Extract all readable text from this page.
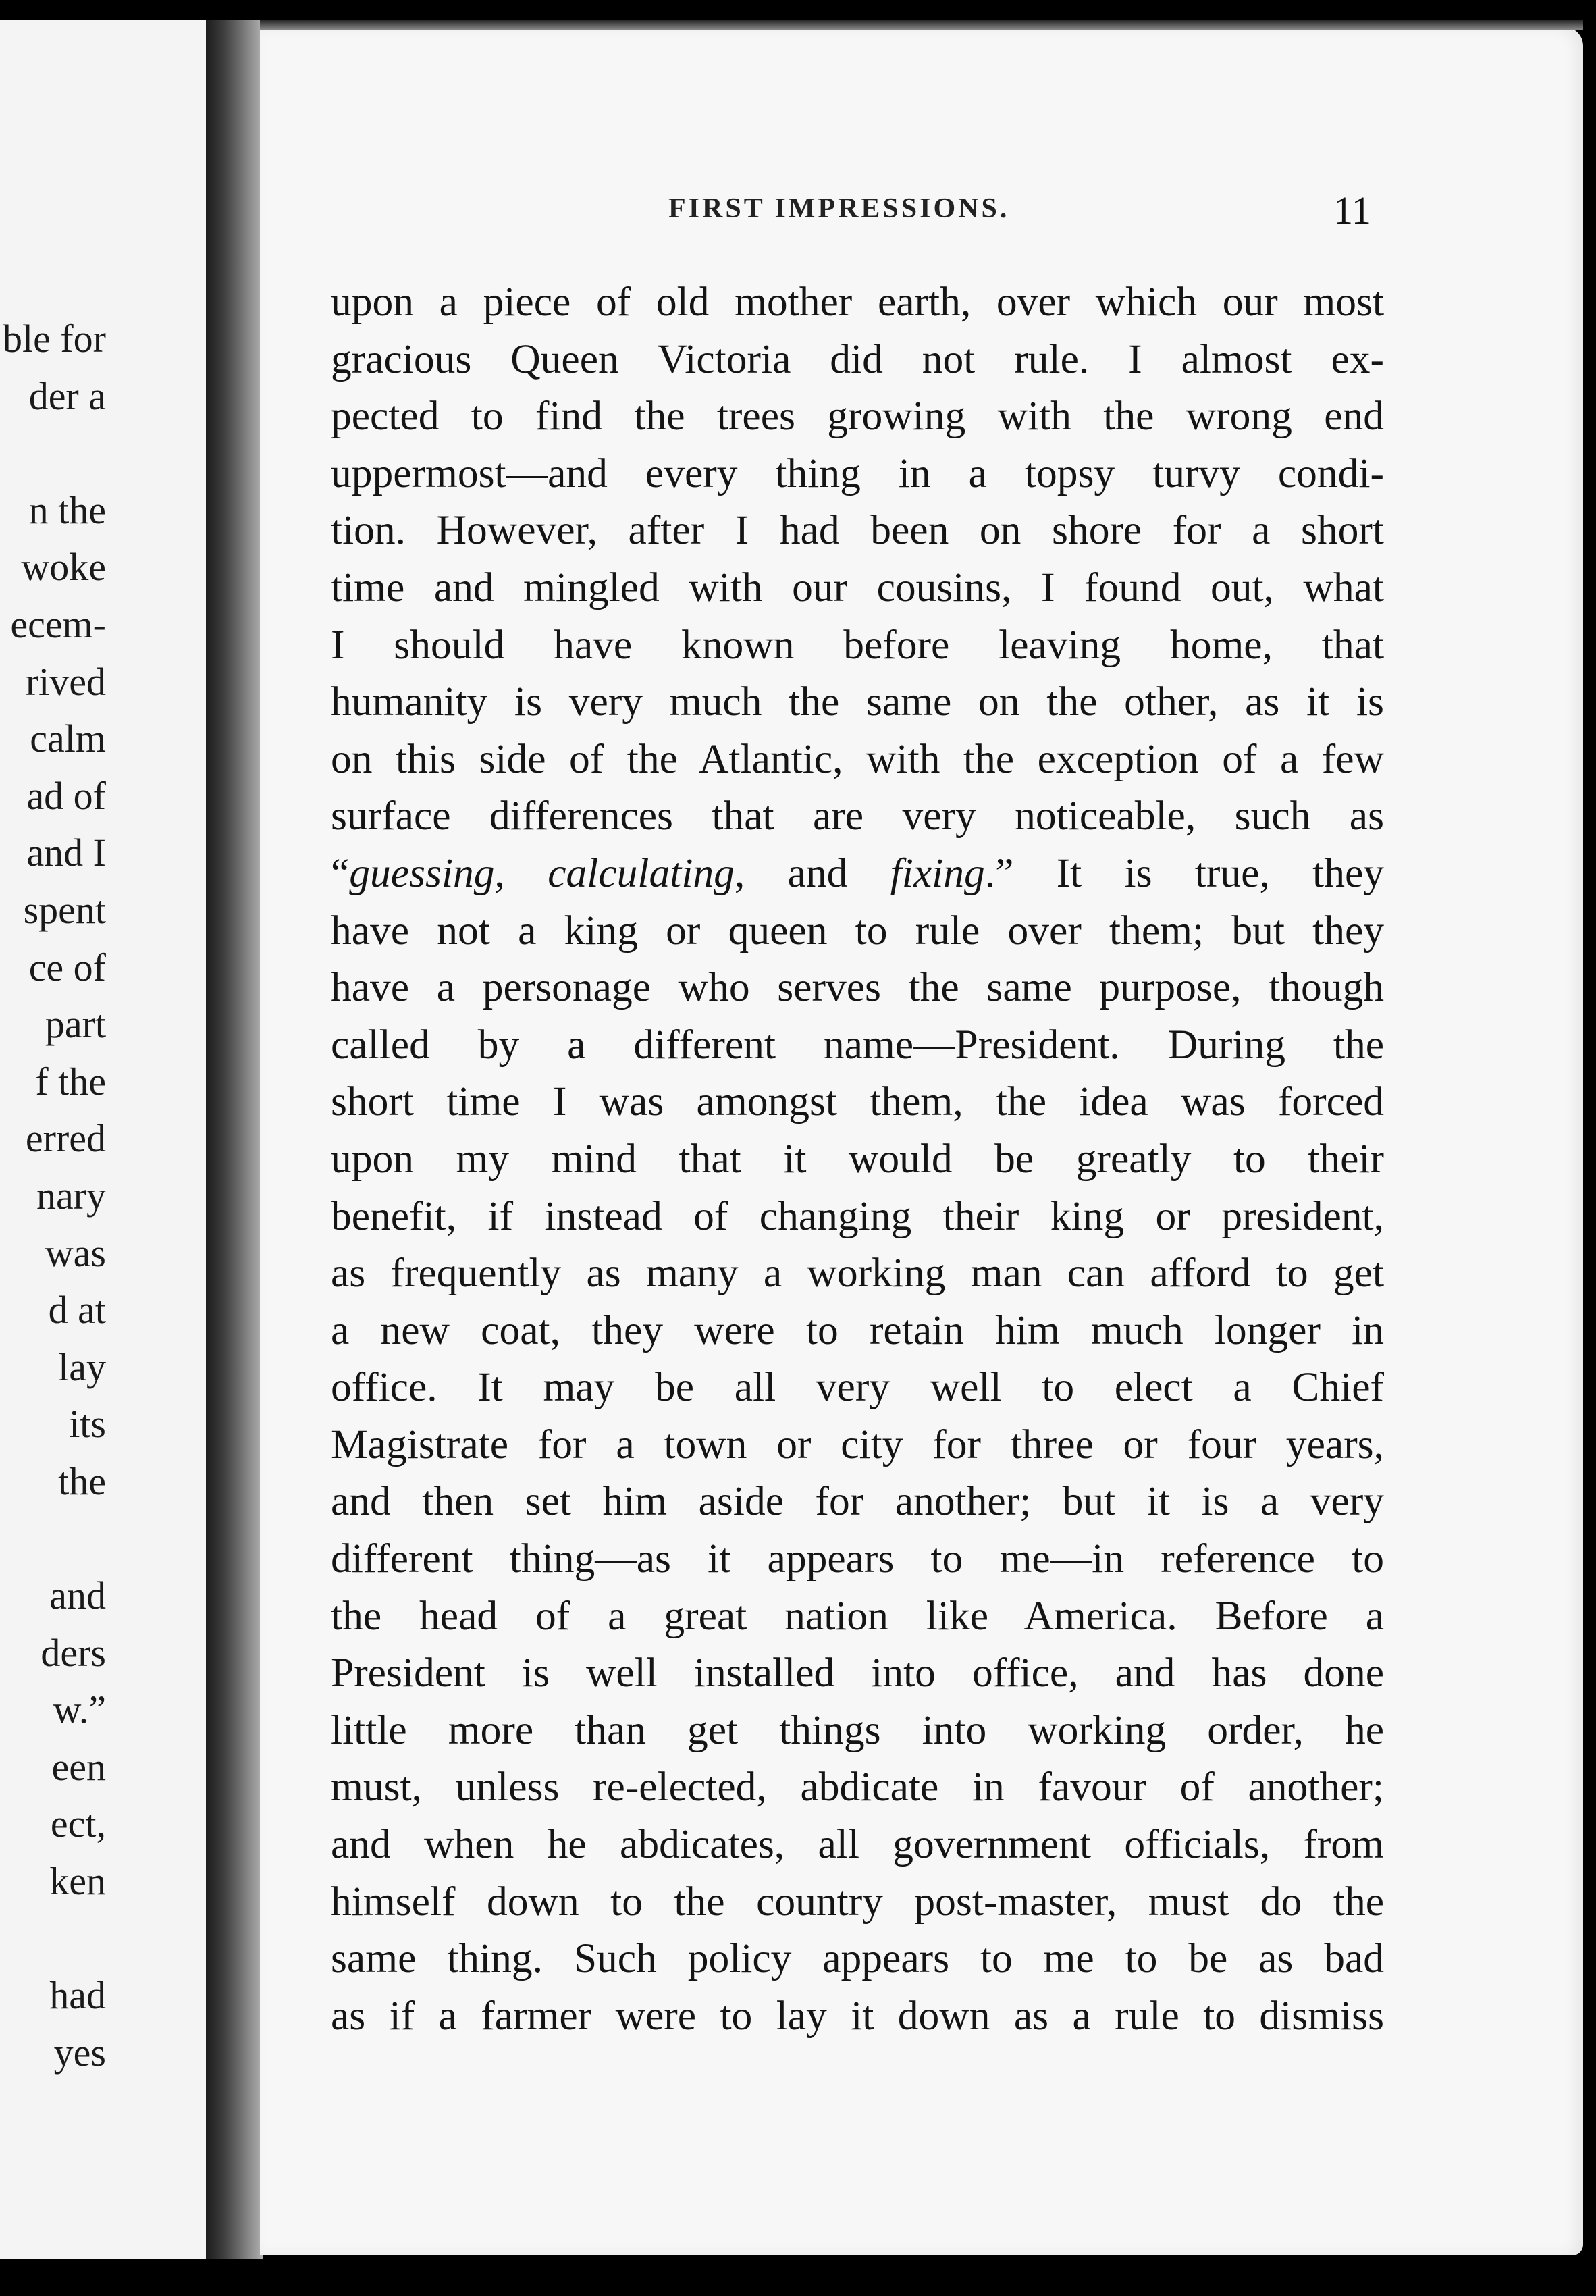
ble for
der a
n the
woke
ecem-
rived
calm
ad of
and I
spent
ce of
part
f the
erred
nary
was
d at
lay
its
the
and
ders
w.”
een
ect,
ken
had
yes
FIRST IMPRESSIONS.	11
upon a piece of old mother earth, over which our most
gracious Queen Victoria did not rule. I almost ex-
pected to find the trees growing with the wrong end
uppermost—and every thing in a topsy turvy condi-
tion. However, after I had been on shore for a short
time and mingled with our cousins, I found out, what
I should have known before leaving home, that
humanity is very much the same on the other, as it is
on this side of the Atlantic, with the exception of a few
surface differences that are very noticeable, such as
“guessing, calculating, and fixing.” It is true, they
have not a king or queen to rule over them; but they
have a personage who serves the same purpose, though
called by a different name—President. During the
short time I was amongst them, the idea was forced
upon my mind that it would be greatly to their
benefit, if instead of changing their king or president,
as frequently as many a working man can afford to get
a new coat, they were to retain him much longer in
office. It may be all very well to elect a Chief
Magistrate for a town or city for three or four years,
and then set him aside for another; but it is a very
different thing—as it appears to me—in reference to
the head of a great nation like America. Before a
President is well installed into office, and has done
little more than get things into working order, he
must, unless re-elected, abdicate in favour of another;
and when he abdicates, all government officials, from
himself down to the country post-master, must do the
same thing. Such policy appears to me to be as bad
as if a farmer were to lay it down as a rule to dismiss
